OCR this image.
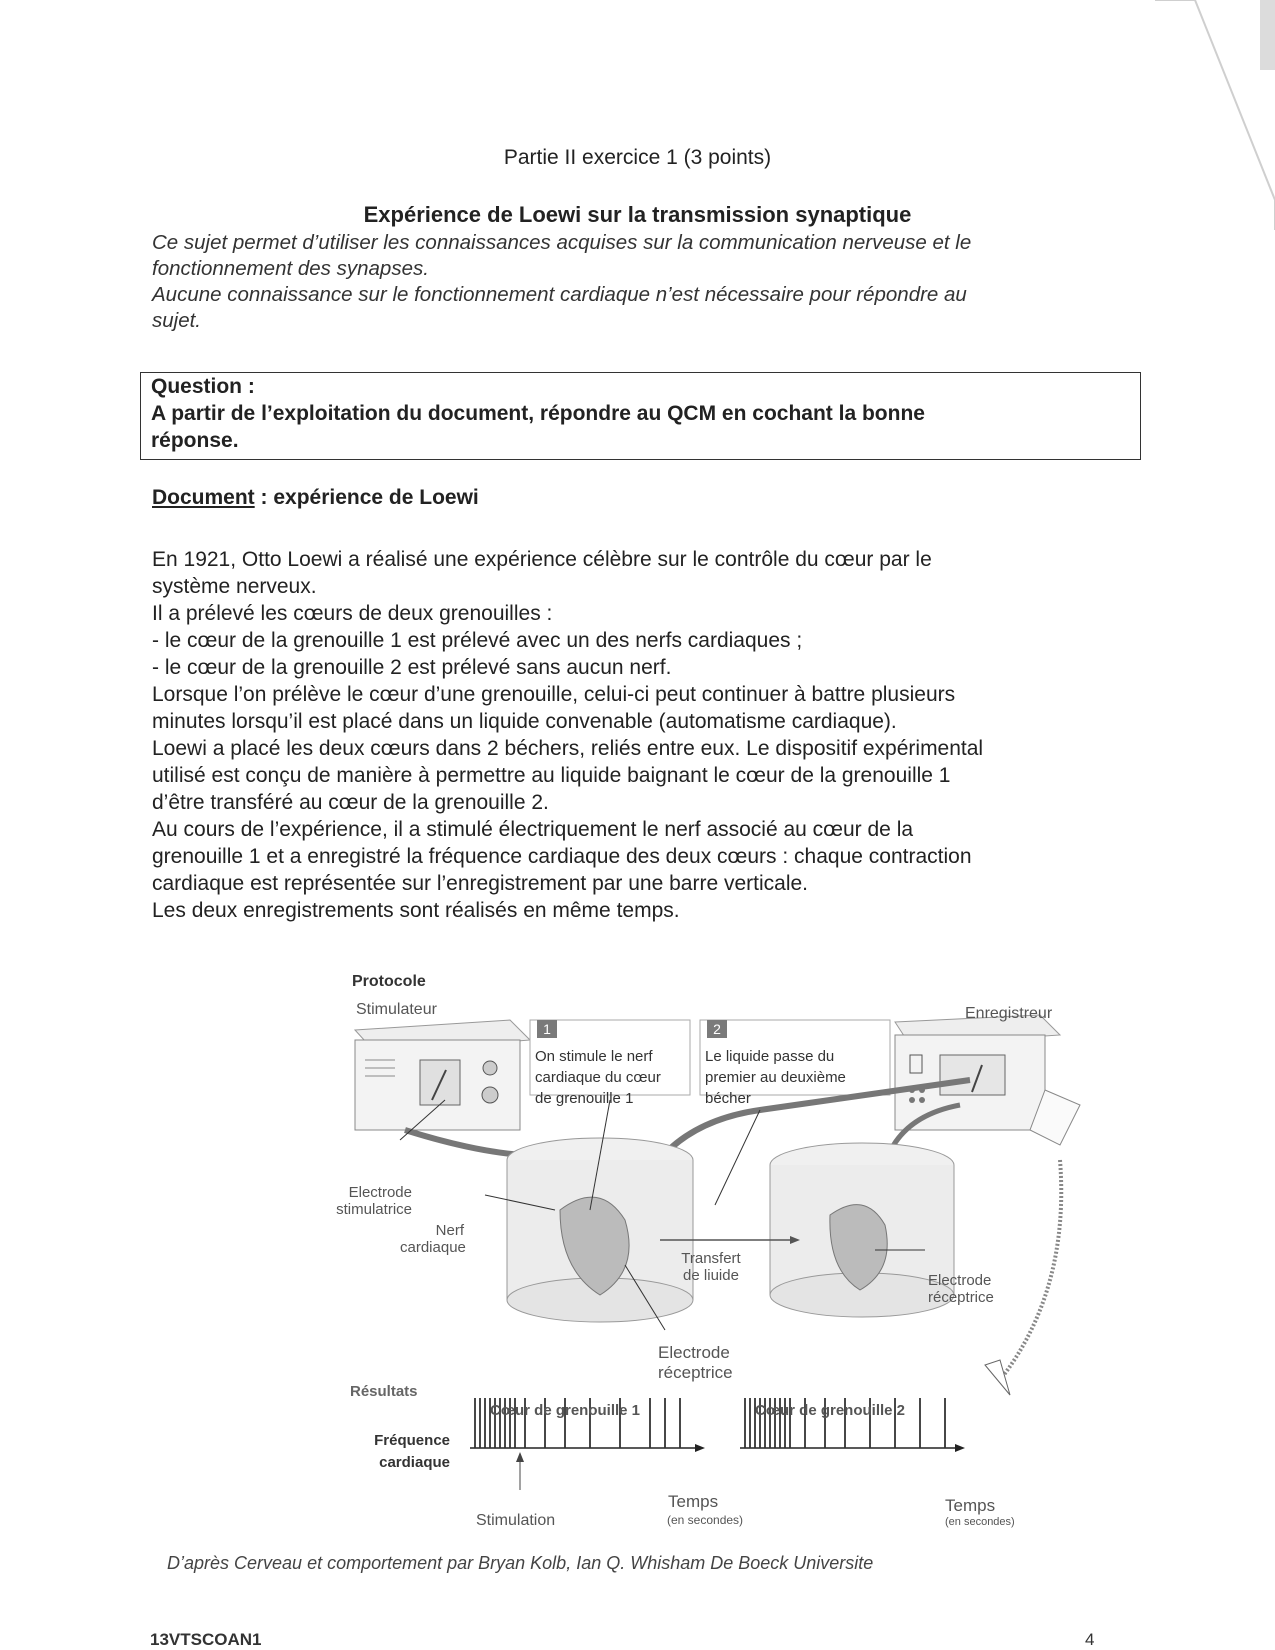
Partie II exercice 1 (3 points)
Expérience de Loewi sur la transmission synaptique
Ce sujet permet d’utiliser les connaissances acquises sur la communication nerveuse et le
fonctionnement des synapses.
Aucune connaissance sur le fonctionnement cardiaque n’est nécessaire pour répondre au
sujet.
Question :
A partir de l’exploitation du document, répondre au QCM en cochant la bonne
réponse.
Document : expérience de Loewi
En 1921, Otto Loewi a réalisé une expérience célèbre sur le contrôle du cœur par le
système nerveux.
Il a prélevé les cœurs de deux grenouilles :
- le cœur de la grenouille 1 est prélevé avec un des nerfs cardiaques ;
- le cœur de la grenouille 2 est prélevé sans aucun nerf.
Lorsque l’on prélève le cœur d’une grenouille, celui-ci peut continuer à battre plusieurs
minutes lorsqu’il est placé dans un liquide convenable (automatisme cardiaque).
Loewi a placé les deux cœurs dans 2 béchers, reliés entre eux. Le dispositif expérimental
utilisé est conçu de manière à permettre au liquide baignant le cœur de la grenouille 1
d’être transféré au cœur de la grenouille 2.
Au cours de l’expérience, il a stimulé électriquement le nerf associé au cœur de la
grenouille 1 et a enregistré la fréquence cardiaque des deux cœurs : chaque contraction
cardiaque est représentée sur l’enregistrement par une barre verticale.
Les deux enregistrements sont réalisés en même temps.
Protocole
Stimulateur	Enregistreur
1
On stimule le nerf
cardiaque du cœur
de grenouille 1
2
Le liquide passe du
premier au deuxième
bécher
Electrode
stimulatrice
Nerf
cardiaque
Transfert
de liuide	Electrode
réceptrice
Electrode
réceptrice
Résultats
Cœur de grenouille 1	Cœur de grenouille 2
Fréquence
cardiaque
Temps
(en secondes)
Temps
(en secondes)
Stimulation
D’après Cerveau et comportement par Bryan Kolb, Ian Q. Whisham De Boeck Universite
13VTSCOAN1	4
